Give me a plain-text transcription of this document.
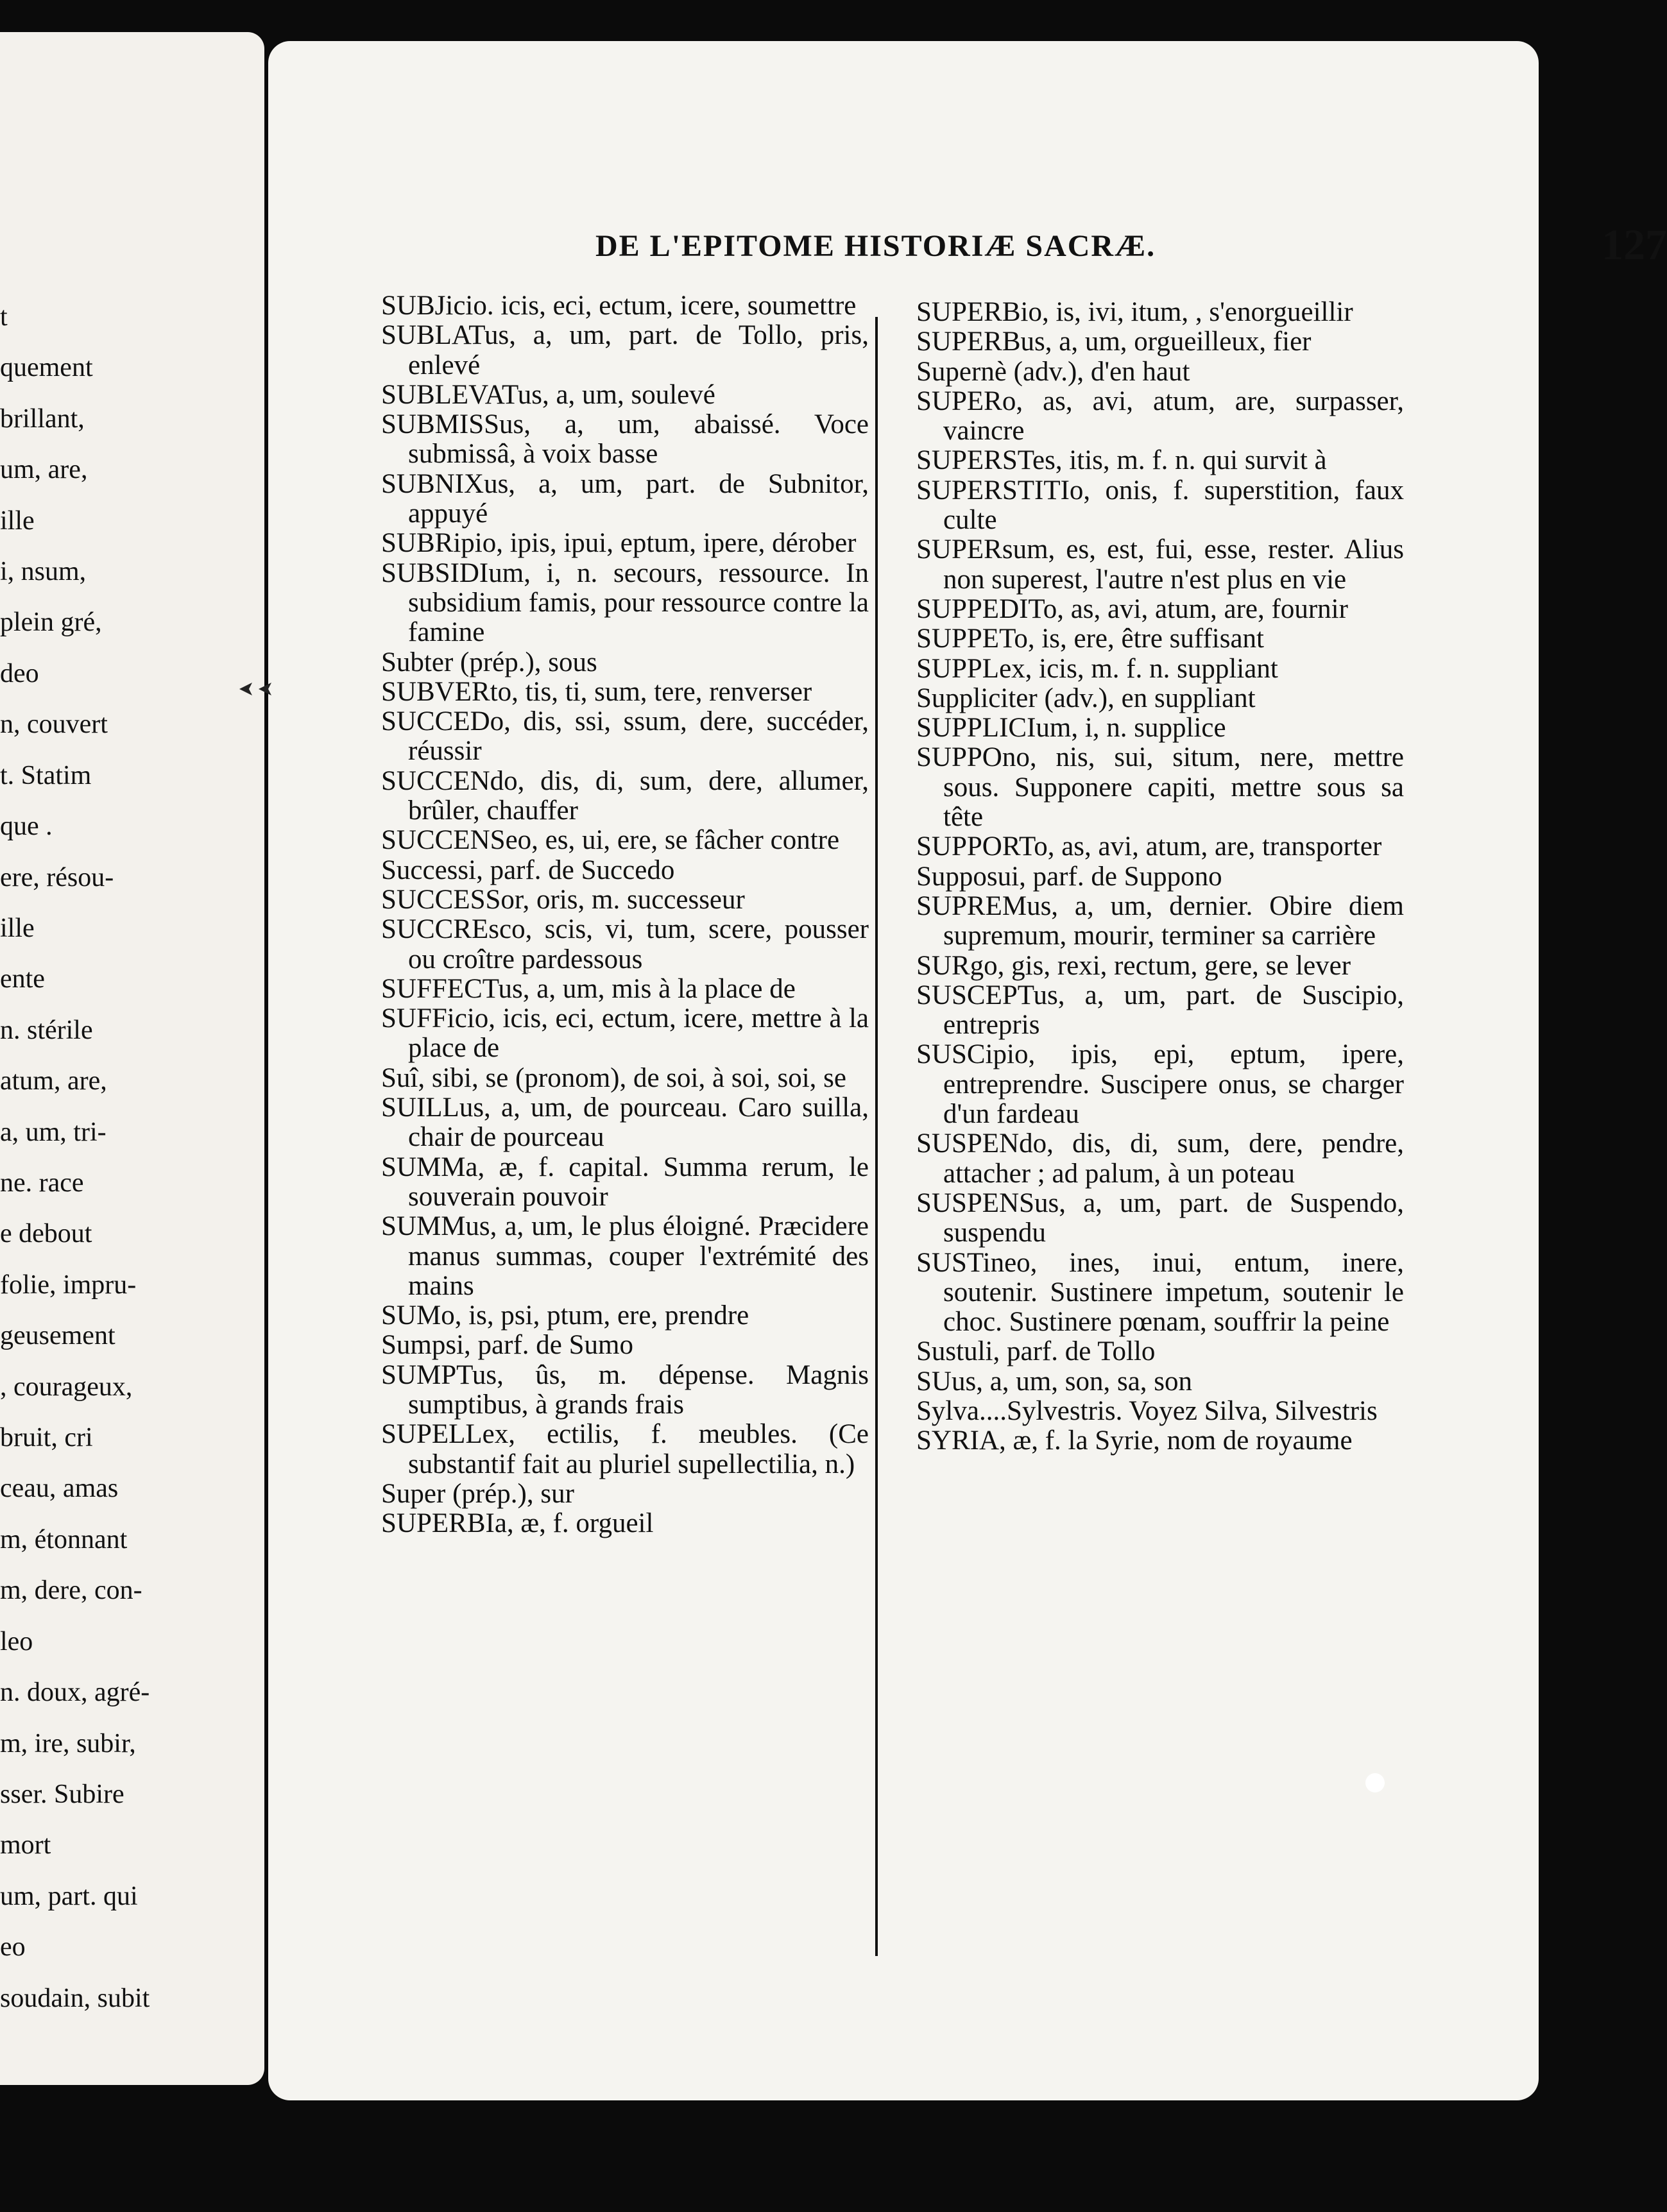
t
quement
brillant,
um, are,
ille
i, nsum,
plein gré,
deo
n, couvert
t. Statim
que .
ere, résou-
ille
ente
n. stérile
atum, are,
a, um, tri-
ne. race
e debout
folie, impru-
geusement
, courageux,
bruit, cri
ceau, amas
m, étonnant
m, dere, con-
leo
n. doux, agré-
m, ire, subir,
sser. Subire
mort
um, part. qui
eo
soudain, subit
DE L'EPITOME HISTORIÆ SACRÆ.	127
SUBJicio. icis, eci, ectum, icere, soumettre
SUBLATus, a, um, part. de Tollo, pris, enlevé
SUBLEVATus, a, um, soulevé
SUBMISSus, a, um, abaissé. Voce submissâ, à voix basse
SUBNIXus, a, um, part. de Subnitor, appuyé
SUBRipio, ipis, ipui, eptum, ipere, dérober
SUBSIDIum, i, n. secours, ressource. In subsidium famis, pour ressource contre la famine
Subter (prép.), sous
SUBVERto, tis, ti, sum, tere, renverser
SUCCEDo, dis, ssi, ssum, dere, succéder, réussir
SUCCENdo, dis, di, sum, dere, allumer, brûler, chauffer
SUCCENSeo, es, ui, ere, se fâcher contre
Successi, parf. de Succedo
SUCCESSor, oris, m. successeur
SUCCREsco, scis, vi, tum, scere, pousser ou croître pardessous
SUFFECTus, a, um, mis à la place de
SUFFicio, icis, eci, ectum, icere, mettre à la place de
Suî, sibi, se (pronom), de soi, à soi, soi, se
SUILLus, a, um, de pourceau. Caro suilla, chair de pourceau
SUMMa, æ, f. capital. Summa rerum, le souverain pouvoir
SUMMus, a, um, le plus éloigné. Præcidere manus summas, couper l'extrémité des mains
SUMo, is, psi, ptum, ere, prendre
Sumpsi, parf. de Sumo
SUMPTus, ûs, m. dépense. Magnis sumptibus, à grands frais
SUPELLex, ectilis, f. meubles. (Ce substantif fait au pluriel supellectilia, n.)
Super (prép.), sur
SUPERBIa, æ, f. orgueil
SUPERBio, is, ivi, itum, , s'enorgueillir
SUPERBus, a, um, orgueilleux, fier
Supernè (adv.), d'en haut
SUPERo, as, avi, atum, are, surpasser, vaincre
SUPERSTes, itis, m. f. n. qui survit à
SUPERSTITIo, onis, f. superstition, faux culte
SUPERsum, es, est, fui, esse, rester. Alius non superest, l'autre n'est plus en vie
SUPPEDITo, as, avi, atum, are, fournir
SUPPETo, is, ere, être suffisant
SUPPLex, icis, m. f. n. suppliant
Suppliciter (adv.), en suppliant
SUPPLICIum, i, n. supplice
SUPPOno, nis, sui, situm, nere, mettre sous. Supponere capiti, mettre sous sa tête
SUPPORTo, as, avi, atum, are, transporter
Supposui, parf. de Suppono
SUPREMus, a, um, dernier. Obire diem supremum, mourir, terminer sa carrière
SURgo, gis, rexi, rectum, gere, se lever
SUSCEPTus, a, um, part. de Suscipio, entrepris
SUSCipio, ipis, epi, eptum, ipere, entreprendre. Suscipere onus, se charger d'un fardeau
SUSPENdo, dis, di, sum, dere, pendre, attacher ; ad palum, à un poteau
SUSPENSus, a, um, part. de Suspendo, suspendu
SUSTineo, ines, inui, entum, inere, soutenir. Sustinere impetum, soutenir le choc. Sustinere pœnam, souffrir la peine
Sustuli, parf. de Tollo
SUus, a, um, son, sa, son
Sylva....Sylvestris. Voyez Silva, Silvestris
SYRIA, æ, f. la Syrie, nom de royaume
